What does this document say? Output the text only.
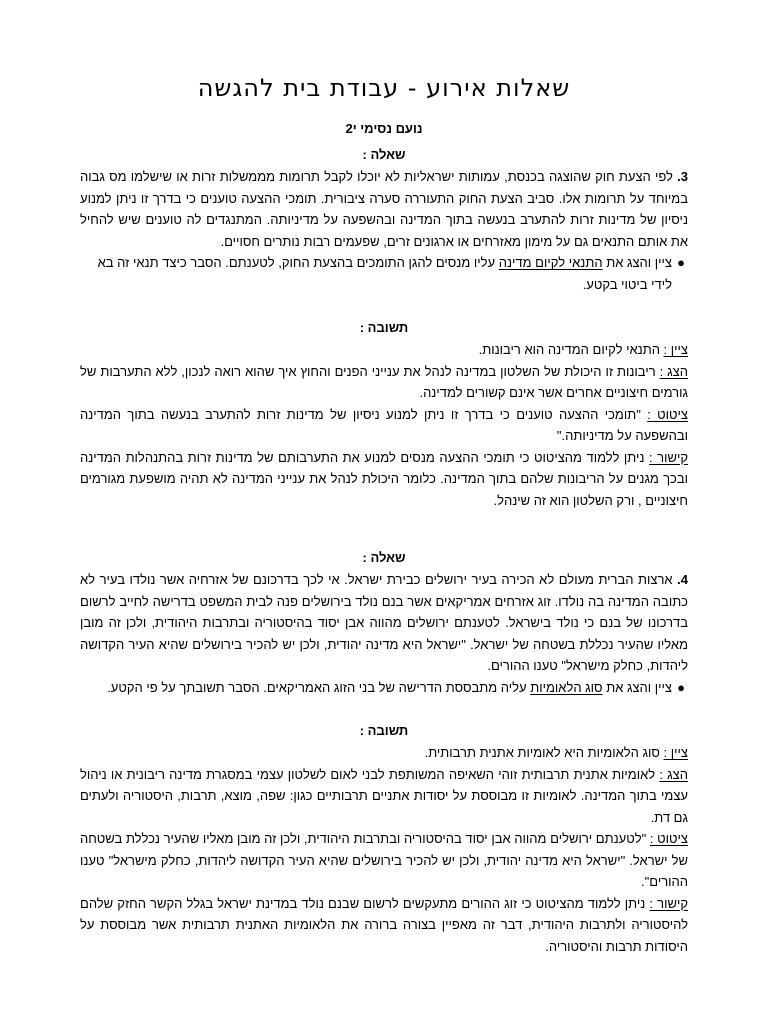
שאלות אירוע - עבודת בית להגשה
נועם נסימי י2
שאלה :

3. לפי הצעת חוק שהוצגה בכנסת, עמותות ישראליות לא יוכלו לקבל תרומות מממשלות זרות או שישלמו מס גבוה במיוחד על תרומות אלו. סביב הצעת החוק התעוררה סערה ציבורית. תומכי ההצעה טוענים כי בדרך זו ניתן למנוע ניסיון של מדינות זרות להתערב בנעשה בתוך המדינה ובהשפעה על מדיניותה. המתנגדים לה טוענים שיש להחיל את אותם התנאים גם על מימון מאזרחים או ארגונים זרים, שפעמים רבות נותרים חסויים.

●
ציין והצג את התנאי לקיום מדינה עליו מנסים להגן התומכים בהצעת החוק, לטענתם. הסבר כיצד תנאי זה בא לידי ביטוי בקטע.

תשובה :

ציין : התנאי לקיום המדינה הוא ריבונות.

הצג : ריבונות זו היכולת של השלטון במדינה לנהל את ענייני הפנים והחוץ איך שהוא רואה לנכון, ללא התערבות של גורמים חיצוניים אחרים אשר אינם קשורים למדינה.

ציטוט : "תומכי ההצעה טוענים כי בדרך זו ניתן למנוע ניסיון של מדינות זרות להתערב בנעשה בתוך המדינה ובהשפעה על מדיניותה."

קישור : ניתן ללמוד מהציטוט כי תומכי ההצעה מנסים למנוע את התערבותם של מדינות זרות בהתנהלות המדינה ובכך מגנים על הריבונות שלהם בתוך המדינה. כלומר היכולת לנהל את ענייני המדינה לא תהיה מושפעת מגורמים חיצוניים , ורק השלטון הוא זה שינהל.

שאלה :

4. ארצות הברית מעולם לא הכירה בעיר ירושלים כבירת ישראל. אי לכך בדרכונם של אזרחיה אשר נולדו בעיר לא כתובה המדינה בה נולדו. זוג אזרחים אמריקאים אשר בנם נולד בירושלים פנה לבית המשפט בדרישה לחייב לרשום בדרכונו של בנם כי נולד בישראל. לטענתם ירושלים מהווה אבן יסוד בהיסטוריה ובתרבות היהודית, ולכן זה מובן מאליו שהעיר נכללת בשטחה של ישראל. "ישראל היא מדינה יהודית, ולכן יש להכיר בירושלים שהיא העיר הקדושה ליהדות, כחלק מישראל" טענו ההורים.

●
ציין והצג את סוג הלאומיות עליה מתבססת הדרישה של בני הזוג האמריקאים. הסבר תשובתך על פי הקטע.

תשובה :

ציין : סוג הלאומיות היא לאומיות אתנית תרבותית.

הצג : לאומיות אתנית תרבותית זוהי השאיפה המשותפת לבני לאום לשלטון עצמי במסגרת מדינה ריבונית או ניהול עצמי בתוך המדינה. לאומיות זו מבוססת על יסודות אתניים תרבותיים כגון: שפה, מוצא, תרבות, היסטוריה ולעתים גם דת.

ציטוט : "לטענתם ירושלים מהווה אבן יסוד בהיסטוריה ובתרבות היהודית, ולכן זה מובן מאליו שהעיר נכללת בשטחה של ישראל. "ישראל היא מדינה יהודית, ולכן יש להכיר בירושלים שהיא העיר הקדושה ליהדות, כחלק מישראל" טענו ההורים".

קישור : ניתן ללמוד מהציטוט כי זוג ההורים מתעקשים לרשום שבנם נולד במדינת ישראל בגלל הקשר החזק שלהם להיסטוריה ולתרבות היהודית, דבר זה מאפיין בצורה ברורה את הלאומיות האתנית תרבותית אשר מבוססת על היסודות תרבות והיסטוריה.
